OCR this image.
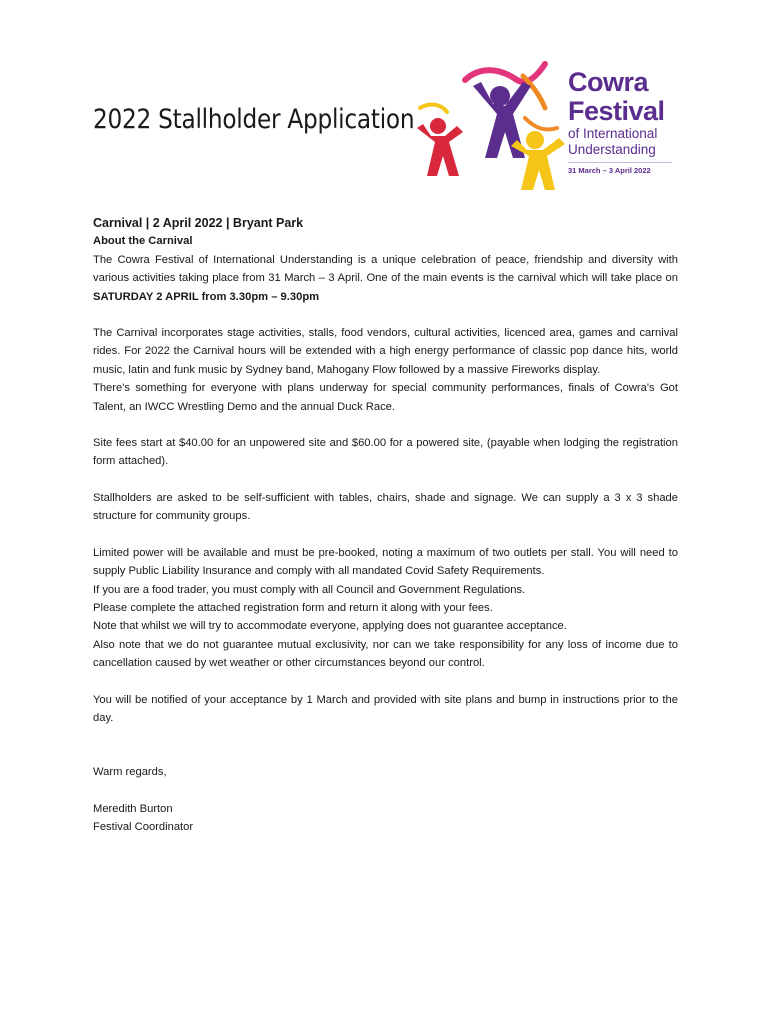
2022 Stallholder Application
Cowra
Festival
of International
Understanding
31 March – 3 April 2022

Carnival | 2 April 2022 | Bryant Park

About the Carnival

The Cowra Festival of International Understanding is a unique celebration of peace, friendship and diversity with various activities taking place from 31 March – 3 April. One of the main events is the carnival which will take place on SATURDAY 2 APRIL from 3.30pm – 9.30pm

The Carnival incorporates stage activities, stalls, food vendors, cultural activities, licenced area, games and carnival rides. For 2022 the Carnival hours will be extended with a high energy performance of classic pop dance hits, world music, latin and funk music by Sydney band, Mahogany Flow followed by a massive Fireworks display.

There's something for everyone with plans underway for special community performances, finals of Cowra's Got Talent, an IWCC Wrestling Demo and the annual Duck Race.

Site fees start at $40.00 for an unpowered site and $60.00 for a powered site, (payable when lodging the registration form attached).

Stallholders are asked to be self-sufficient with tables, chairs, shade and signage. We can supply a 3 x 3 shade structure for community groups.

Limited power will be available and must be pre-booked, noting a maximum of two outlets per stall. You will need to supply Public Liability Insurance and comply with all mandated Covid Safety Requirements.

If you are a food trader, you must comply with all Council and Government Regulations.

Please complete the attached registration form and return it along with your fees.

Note that whilst we will try to accommodate everyone, applying does not guarantee acceptance.

Also note that we do not guarantee mutual exclusivity, nor can we take responsibility for any loss of income due to cancellation caused by wet weather or other circumstances beyond our control.

You will be notified of your acceptance by 1 March and provided with site plans and bump in instructions prior to the day.

Warm regards,

Meredith Burton

Festival Coordinator
